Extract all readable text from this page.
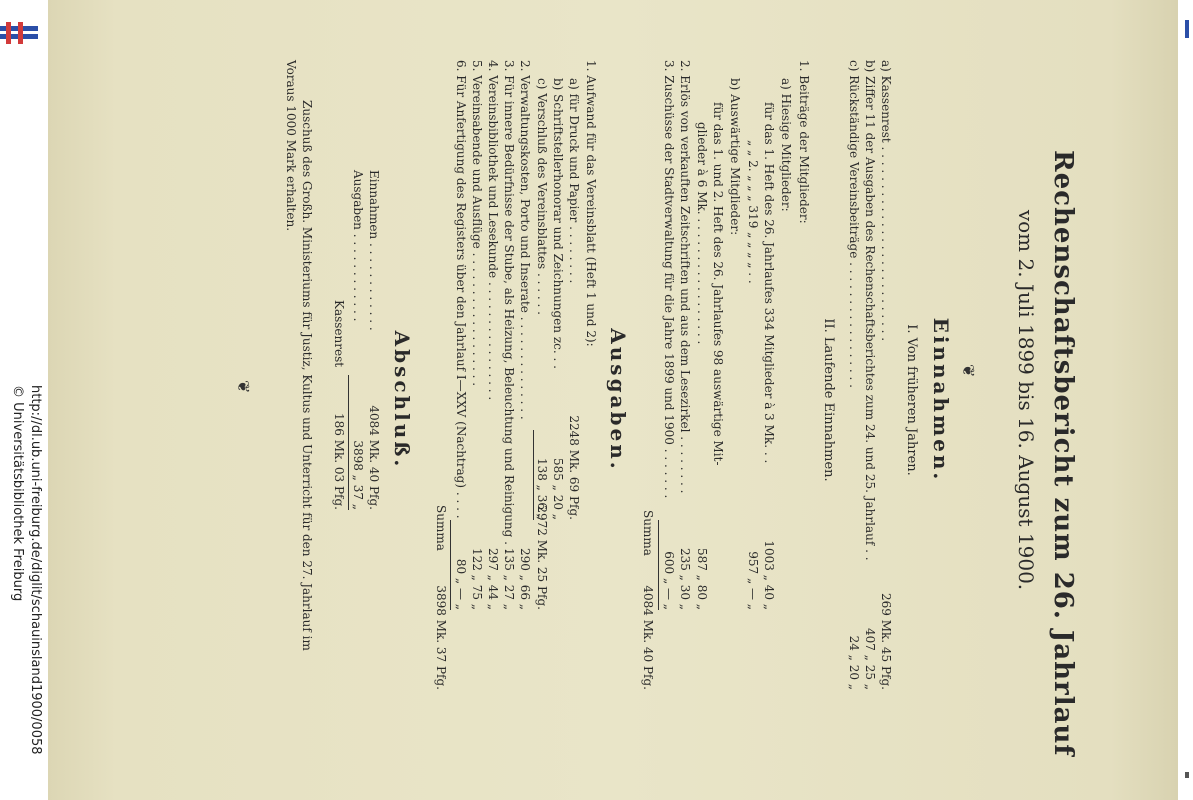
http://dl.ub.uni-freiburg.de/diglit/schauinsland1900/0058
© Universitätsbibliothek Freiburg	Rechenschaftsbericht zum 26. Jahrlauf
vom 2. Juli 1899 bis 16. August 1900.
Einnahmen. ❦
I. Von früheren Jahren.
a) Kassenrest . . . . . . . . . . . . . . . . . . . . . . . . . .
269 Mk. 45 Pfg.
b) Ziffer 11 der Ausgaben des Rechenschaftsberichtes zum 24. und 25. Jahrlauf . .
407 „ 25 „
c) Rückständige Vereinsbeiträge . . . . . . . . . . . . . . . . .
24 „ 20 „
II. Laufende Einnahmen.
1. Beiträge der Mitglieder:
a) Hiesige Mitglieder:
für das 1. Heft des 26. Jahrlaufes 334 Mitglieder à 3 Mk. . .
1003 „ 40 „
„ „ 2. „ „ „ 319 „ „ „ „ . .
957 „ — „
b) Auswärtige Mitglieder:
für das 1. und 2. Heft des 26. Jahrlaufes 98 auswärtige Mit-
glieder à 6 Mk. . . . . . . . . . . . . . . . . .
587 „ 80 „
2. Erlös von verkauften Zeitschriften und aus dem Lesezirkel . . . . . . . .
235 „ 30 „
3. Zuschüsse der Stadtverwaltung für die Jahre 1899 und 1900 . . . . . . .
600 „ — „
Summa
4084 Mk. 40 Pfg.
Ausgaben.
1. Aufwand für das Vereinsblatt (Heft 1 und 2):
a) für Druck und Papier . . . . . . . .
2248 Mk. 69 Pfg.
b) Schriftstellerhonorar und Zeichnungen zc. . .
585 „ 20 „
c) Verschluß des Vereinsblattes . . . . . .
138 „ 36 „
2972 Mk. 25 Pfg.
2. Verwaltungskosten, Porto und Inserate . . . . . . . . . . . . . .
290 „ 66 „
3. Für innere Bedürfnisse der Stube, als Heizung, Beleuchtung und Reinigung . . .
135 „ 27 „
4. Vereinsbibliothek und Lesekunde . . . . . . . . . . . . . . . .
297 „ 44 „
5. Vereinsabende und Ausflüge . . . . . . . . . . . . . . . . . .
122 „ 75 „
6. Für Anfertigung des Registers über den Jahrlauf I—XXV (Nachtrag) . . . .
80 „ — „
Summa
3898 Mk. 37 Pfg.
Abschluß.
Einnahmen . . . . . . . . . . . .
4084 Mk. 40 Pfg.
Ausgaben . . . . . . . . . . . .
3898 „ 37 „
Kassenrest
186 Mk. 03 Pfg.
Zuschuß des Großh. Ministeriums für Justiz, Kultus und Unterricht für den 27. Jahrlauf im
Voraus 1000 Mark erhalten.
❦
